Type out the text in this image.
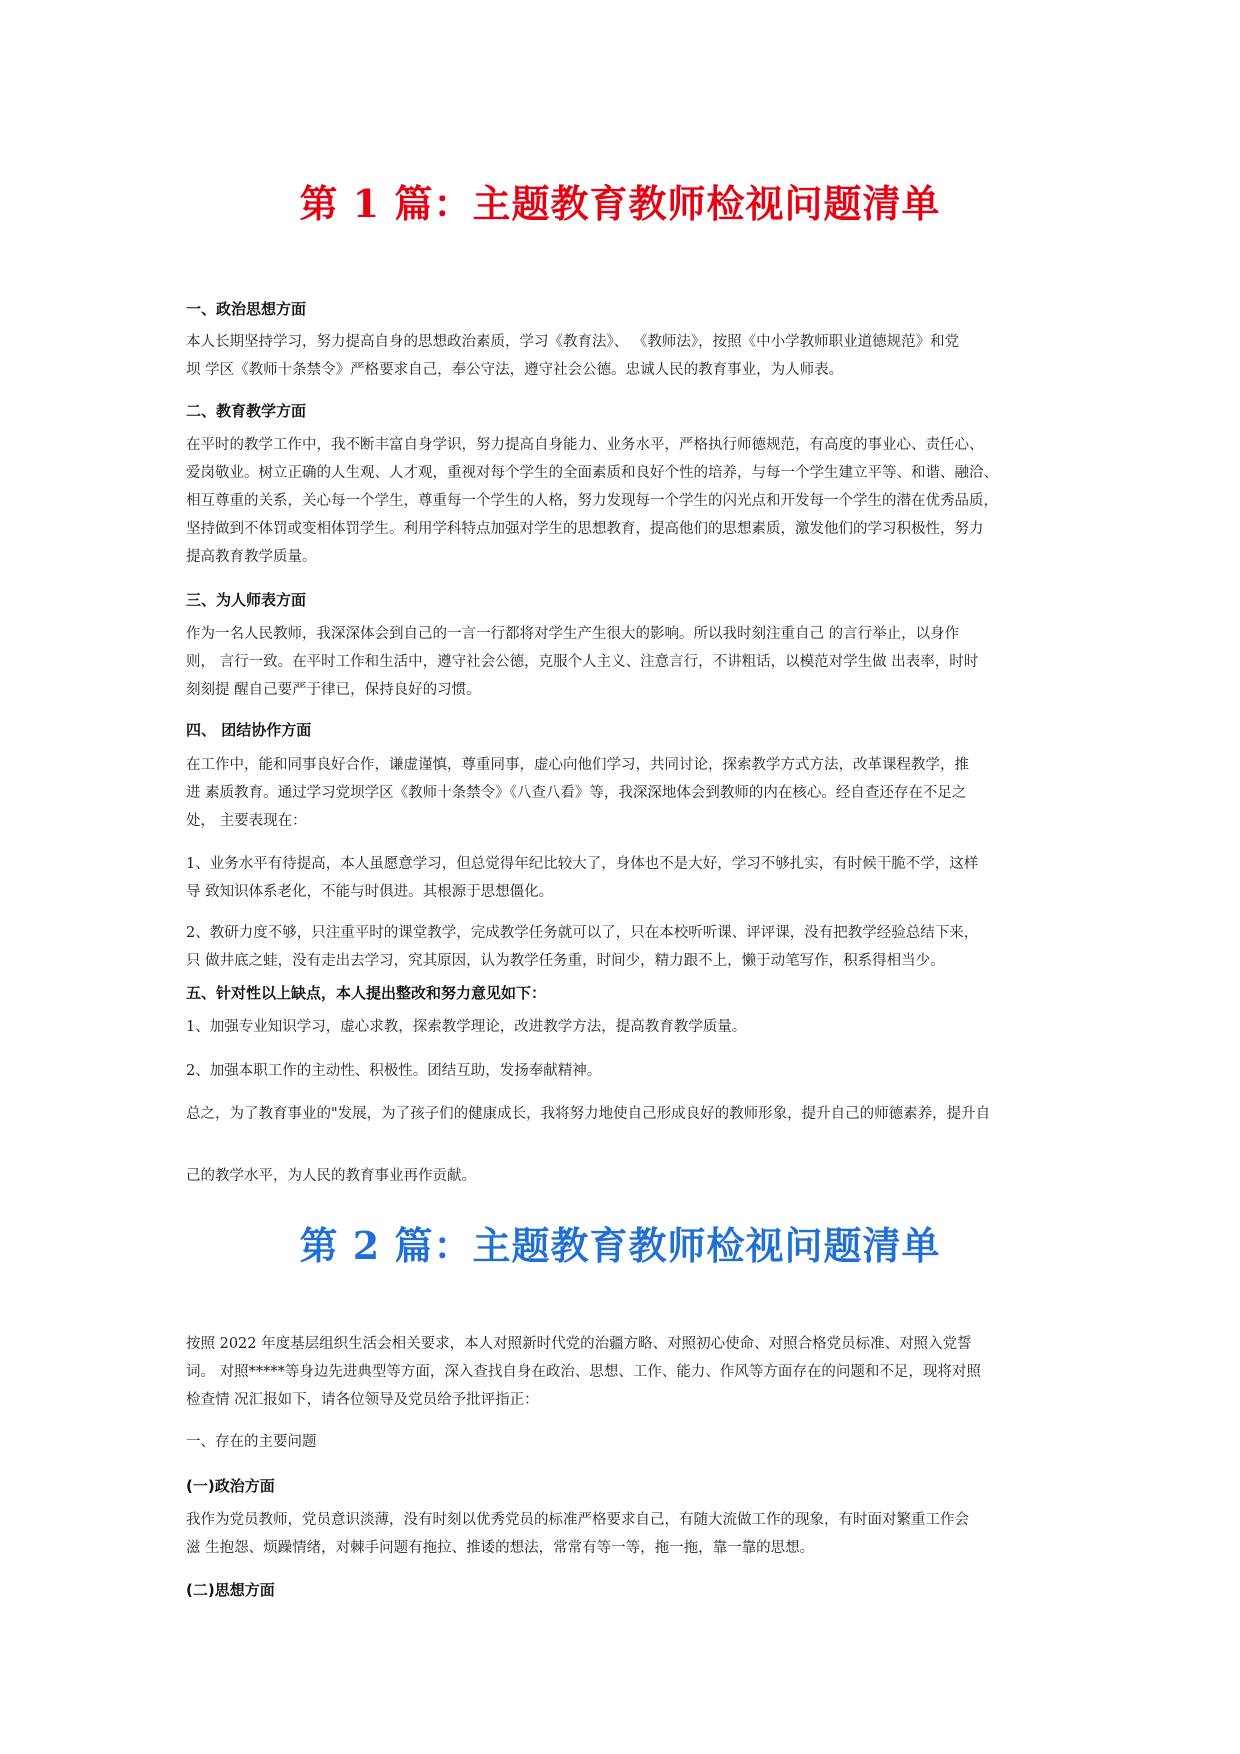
第 1 篇：主题教育教师检视问题清单
一、政治思想方面
本人长期坚持学习，努力提高自身的思想政治素质，学习《教育法》、 《教师法》，按照《中小学教师职业道德规范》和党
坝 学区《教师十条禁令》严格要求自己，奉公守法，遵守社会公德。忠诚人民的教育事业，为人师表。
二、教育教学方面
在平时的教学工作中，我不断丰富自身学识，努力提高自身能力、业务水平，严格执行师德规范，有高度的事业心、责任心、
爱岗敬业。树立正确的人生观、人才观，重视对每个学生的全面素质和良好个性的培养，与每一个学生建立平等、和谐、融洽、
相互尊重的关系，关心每一个学生，尊重每一个学生的人格，努力发现每一个学生的闪光点和开发每一个学生的潜在优秀品质，
坚持做到不体罚或变相体罚学生。利用学科特点加强对学生的思想教育，提高他们的思想素质，激发他们的学习积极性，努力
提高教育教学质量。
三、为人师表方面
作为一名人民教师，我深深体会到自己的一言一行都将对学生产生很大的影响。所以我时刻注重自己 的言行举止，以身作
则， 言行一致。在平时工作和生活中，遵守社会公德，克服个人主义、注意言行，不讲粗话，以模范对学生做 出表率，时时
刻刻提 醒自己要严于律已，保持良好的习惯。
四、 团结协作方面
在工作中，能和同事良好合作，谦虚谨慎，尊重同事，虚心向他们学习，共同讨论，探索教学方式方法，改革课程教学，推
进 素质教育。通过学习党坝学区《教师十条禁令》《八查八看》等，我深深地体会到教师的内在核心。经自查还存在不足之
处， 主要表现在：
1、业务水平有待提高，本人虽愿意学习，但总觉得年纪比较大了，身体也不是大好，学习不够扎实，有时候干脆不学，这样
导 致知识体系老化，不能与时俱进。其根源于思想僵化。
2、教研力度不够，只注重平时的课堂教学，完成教学任务就可以了，只在本校听听课、评评课，没有把教学经验总结下来，
只 做井底之蛙，没有走出去学习，究其原因，认为教学任务重，时间少，精力跟不上，懒于动笔写作，积系得相当少。
五、针对性以上缺点，本人提出整改和努力意见如下：
1、加强专业知识学习，虚心求教，探索教学理论，改进教学方法，提高教育教学质量。
2、加强本职工作的主动性、积极性。团结互助，发扬奉献精神。
总之，为了教育事业的"发展，为了孩子们的健康成长，我将努力地使自己形成良好的教师形象，提升自己的师德素养，提升自
己的教学水平，为人民的教育事业再作贡献。
第 2 篇：主题教育教师检视问题清单
按照 2022 年度基层组织生活会相关要求，本人对照新时代党的治疆方略、对照初心使命、对照合格党员标准、对照入党誓
词。 对照*****等身边先进典型等方面，深入查找自身在政治、思想、工作、能力、作风等方面存在的问题和不足，现将对照
检查情 况汇报如下，请各位领导及党员给予批评指正：
一、存在的主要问题
(一)政治方面
我作为党员教师，党员意识淡薄，没有时刻以优秀党员的标准严格要求自己，有随大流做工作的现象，有时面对繁重工作会
滋 生抱怨、烦躁情绪，对棘手问题有拖拉、推诿的想法，常常有等一等，拖一拖，靠一靠的思想。
(二)思想方面
